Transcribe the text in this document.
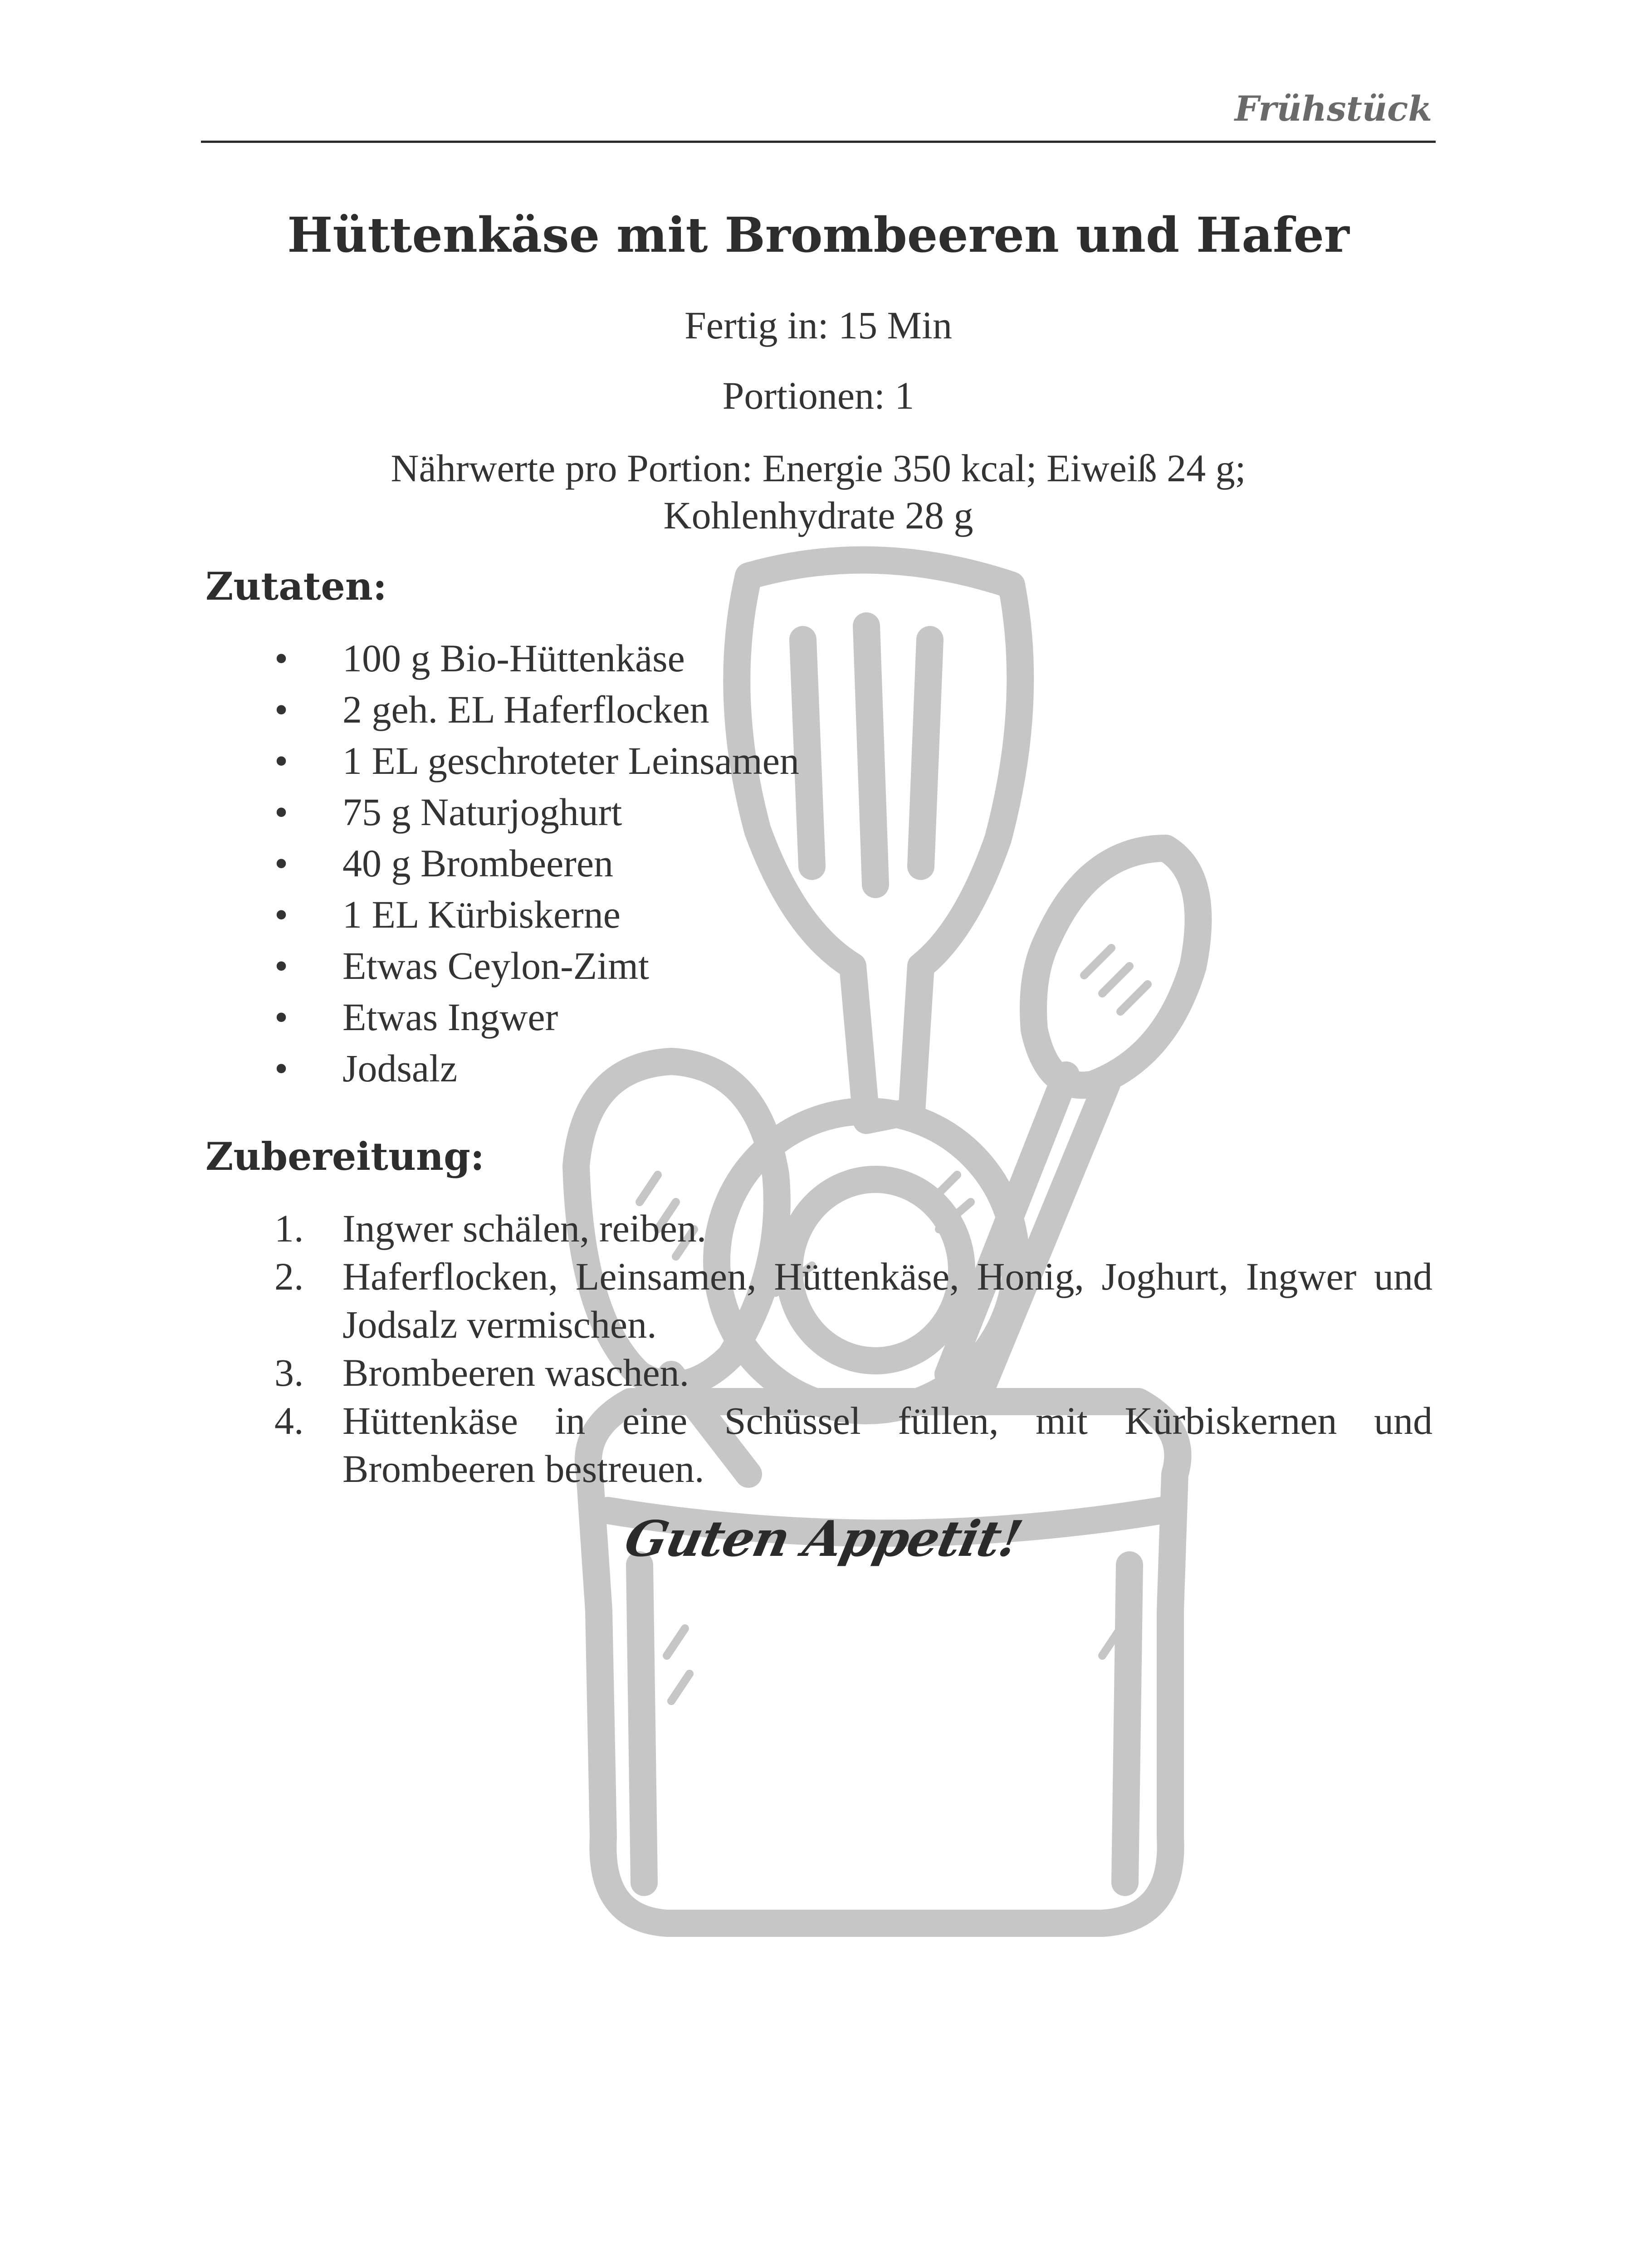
Frühstück
Hüttenkäse mit Brombeeren und Hafer
Fertig in: 15 Min
Portionen: 1
Nährwerte pro Portion: Energie 350 kcal; Eiweiß 24 g;
Kohlenhydrate 28 g
Zutaten:
• 100 g Bio-Hüttenkäse
• 2 geh. EL Haferflocken
• 1 EL geschroteter Leinsamen
• 75 g Naturjoghurt
• 40 g Brombeeren
• 1 EL Kürbiskerne
• Etwas Ceylon-Zimt
• Etwas Ingwer
• Jodsalz
Zubereitung:
1. Ingwer schälen, reiben.
2. Haferflocken, Leinsamen, Hüttenkäse, Honig, Joghurt, Ingwer und Jodsalz vermischen.
3. Brombeeren waschen.
4. Hüttenkäse in eine Schüssel füllen, mit Kürbiskernen und Brombeeren bestreuen.
Guten Appetit!
